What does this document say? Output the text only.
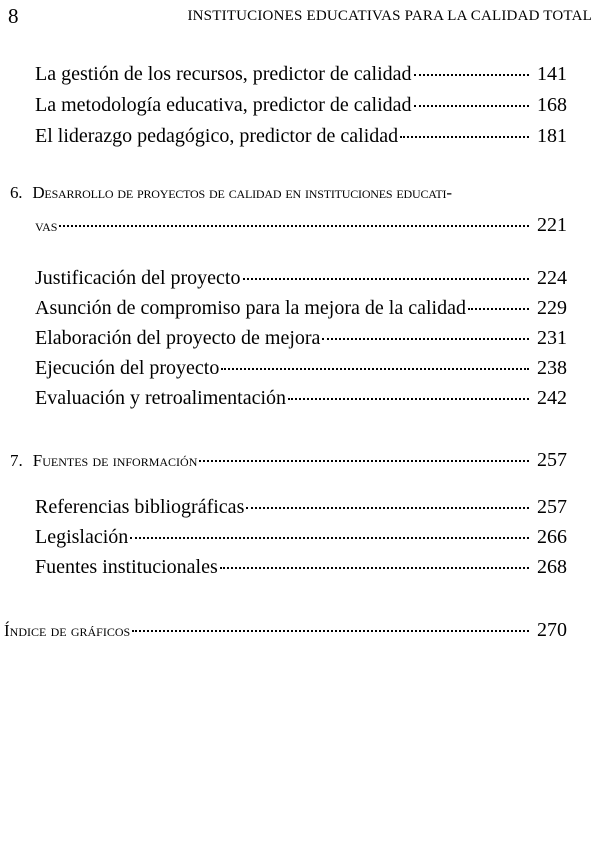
8	INSTITUCIONES EDUCATIVAS PARA LA CALIDAD TOTAL
La gestión de los recursos, predictor de calidad	141
La metodología educativa, predictor de calidad	168
El liderazgo pedagógico, predictor de calidad	181
6. Desarrollo de proyectos de calidad en instituciones educati-
vas	221
Justificación del proyecto	224
Asunción de compromiso para la mejora de la calidad	229
Elaboración del proyecto de mejora	231
Ejecución del proyecto	238
Evaluación y retroalimentación	242
7. Fuentes de información	257
Referencias bibliográficas	257
Legislación	266
Fuentes institucionales	268
Índice de gráficos	270
